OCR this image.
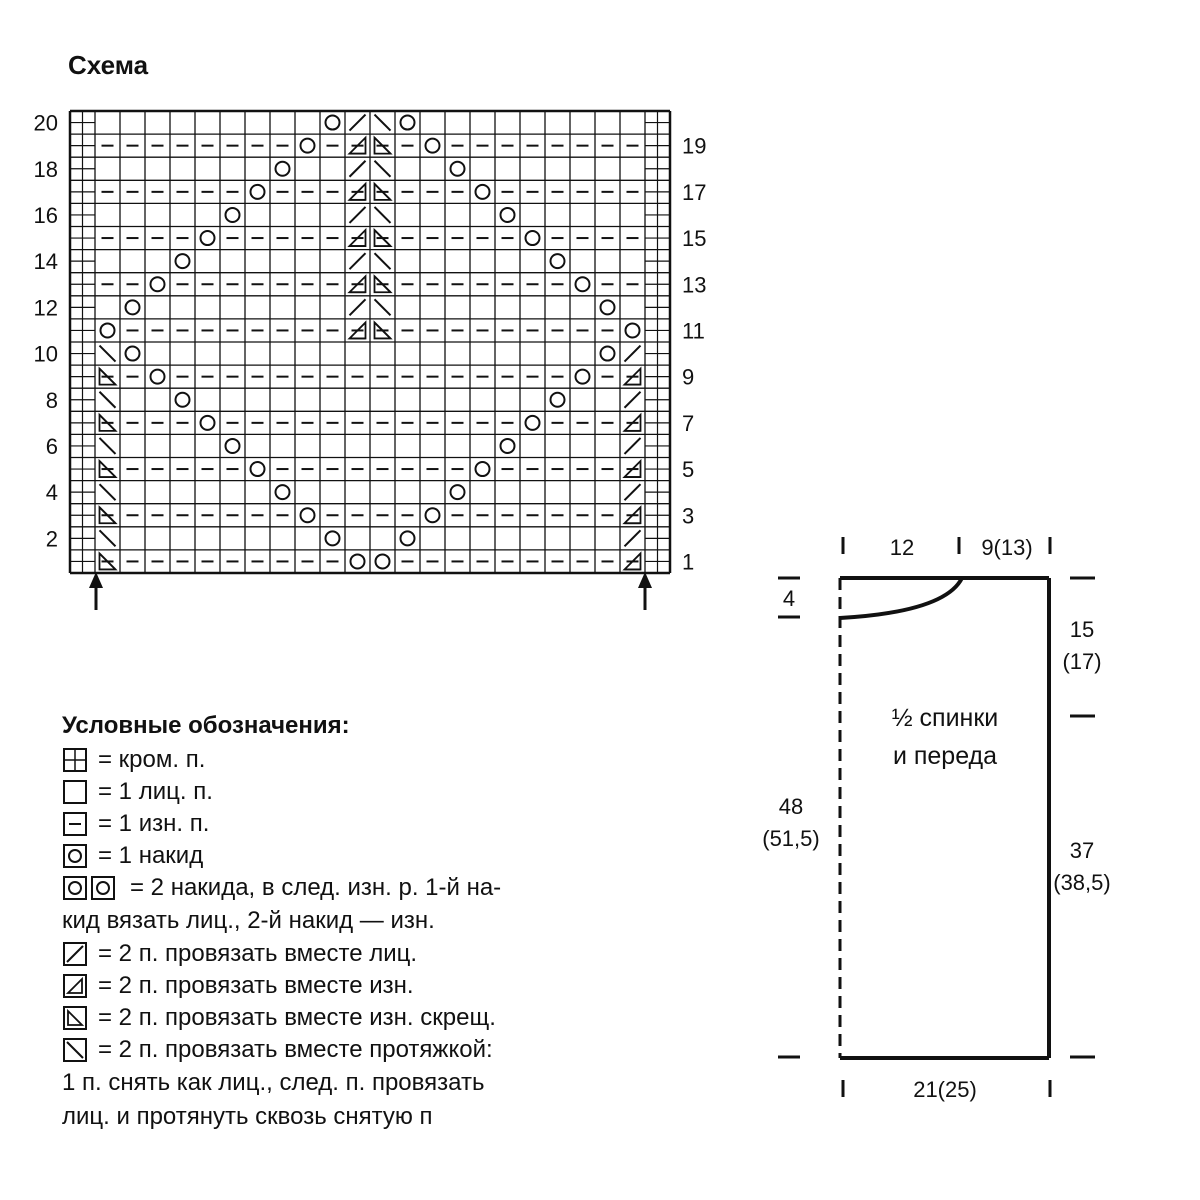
Схема
20
18
16
14
12
10
8
6
4
2
19
17
15
13
11
9
7
5
3
1
Условные обозначения:
= кром. п.
= 1 лиц. п.
= 1 изн. п.
= 1 накид
= 2 накида, в след. изн. р. 1-й на-
кид вязать лиц., 2-й накид — изн.
= 2 п. провязать вместе лиц.
= 2 п. провязать вместе изн.
= 2 п. провязать вместе изн. скрещ.
= 2 п. провязать вместе протяжкой:
1 п. снять как лиц., след. п. провязать
лиц. и протянуть сквозь снятую п
12	9(13)
4
15
(17)
37
(38,5)
48
(51,5)
21(25)
½ спинки
и переда
